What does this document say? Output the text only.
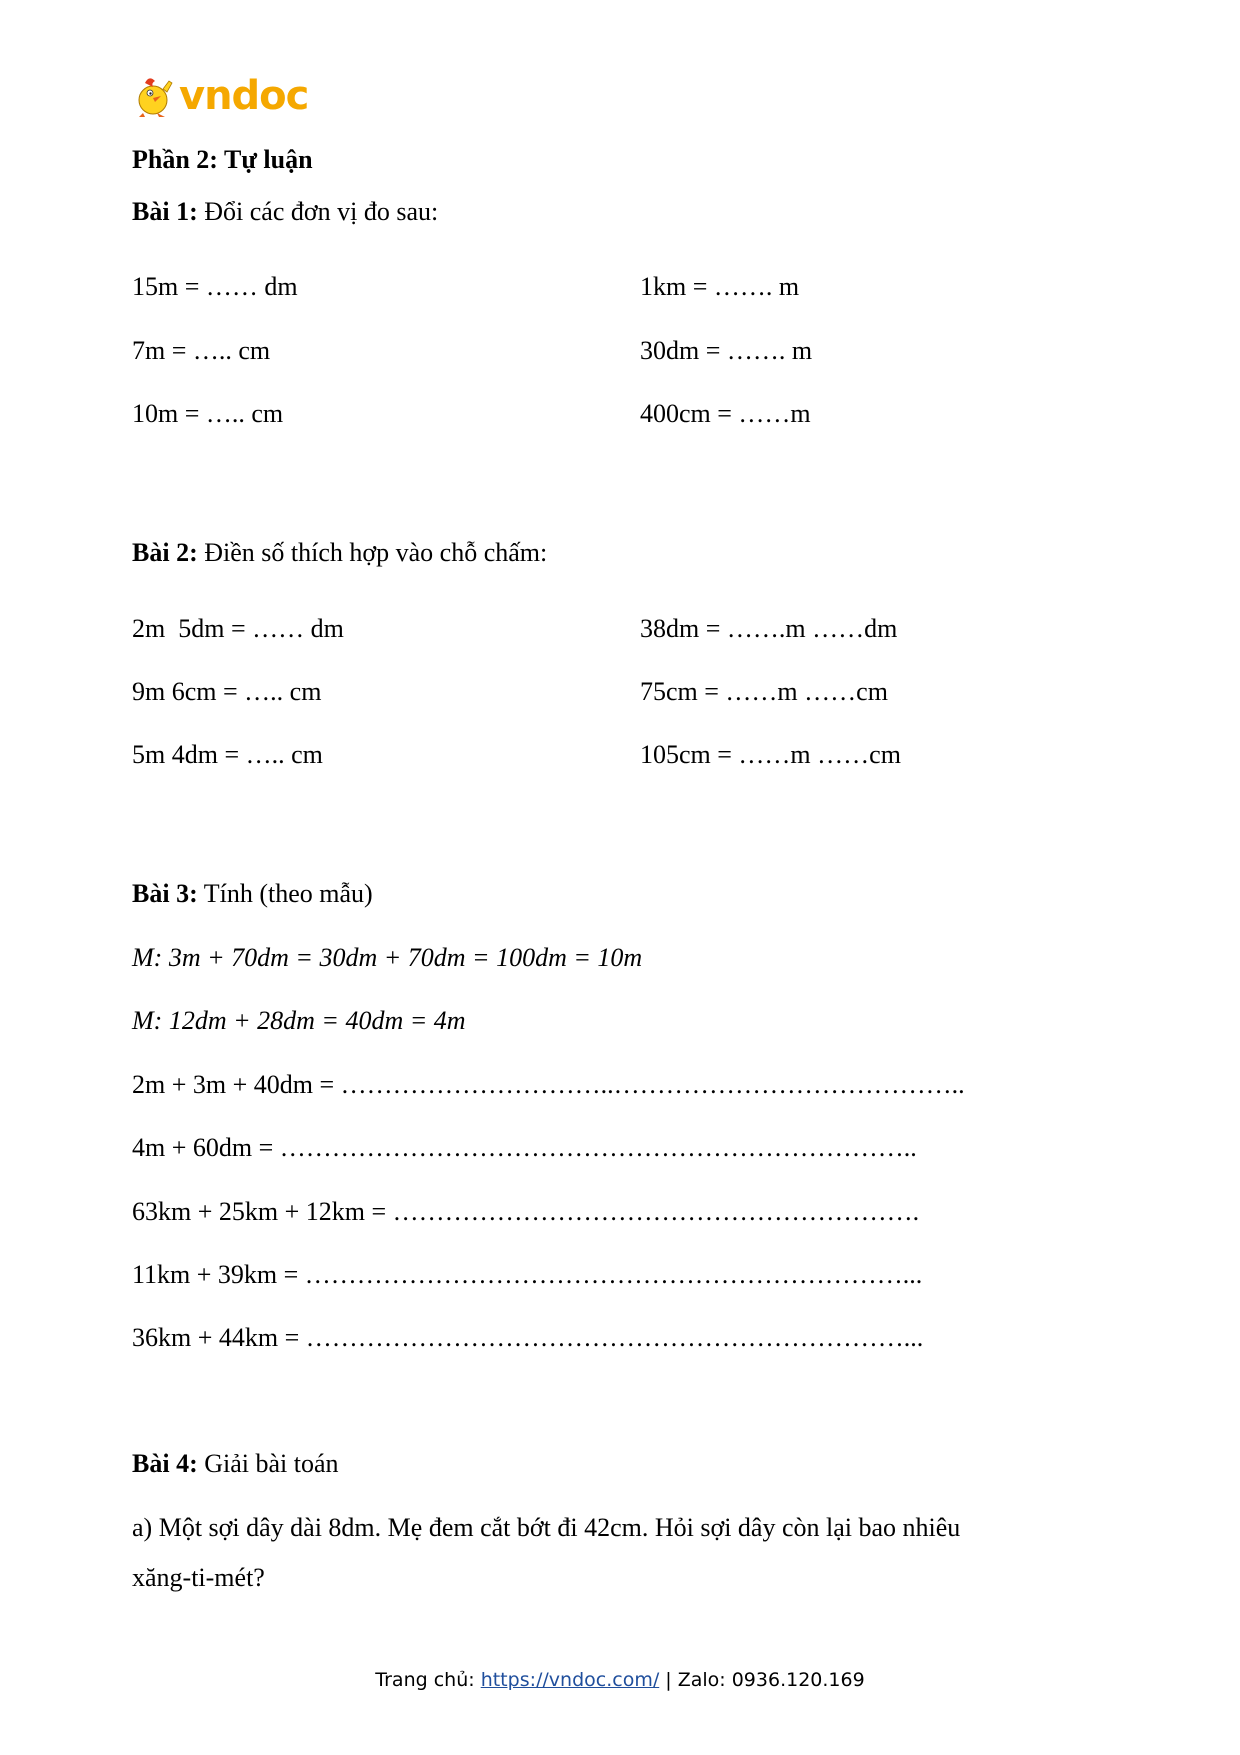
vndoc
Phần 2: Tự luận
Bài 1: Đổi các đơn vị đo sau:
15m = …… dm
7m = ….. cm
10m = ….. cm
1km = ……. m
30dm = ……. m
400cm = ……m
Bài 2: Điền số thích hợp vào chỗ chấm:
2m  5dm = …… dm
9m 6cm = ….. cm
5m 4dm = ….. cm
38dm = …….m ……dm
75cm = ……m ……cm
105cm = ……m ……cm
Bài 3: Tính (theo mẫu)
M: 3m + 70dm = 30dm + 70dm = 100dm = 10m
M: 12dm + 28dm = 40dm = 4m
2m + 3m + 40dm = …………………………..…………………………………..
4m + 60dm = ………………………………………………………………..
63km + 25km + 12km = …………………………………………………….
11km + 39km = ……………………………………………………………...
36km + 44km = ……………………………………………………………...
Bài 4: Giải bài toán
a) Một sợi dây dài 8dm. Mẹ đem cắt bớt đi 42cm. Hỏi sợi dây còn lại bao nhiêu
xăng-ti-mét?
Trang chủ: https://vndoc.com/ | Zalo: 0936.120.169
